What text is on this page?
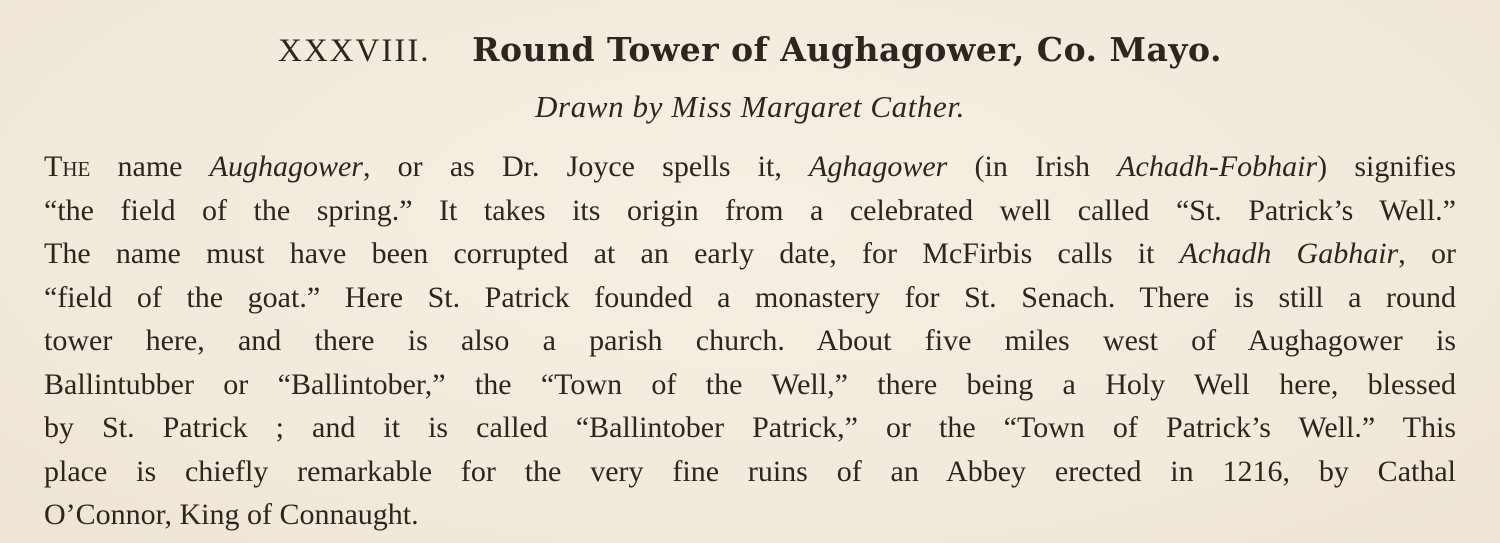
XXXVIII. Round Tower of Aughagower, Co. Mayo.
Drawn by Miss Margaret Cather.
The name Aughagower, or as Dr. Joyce spells it, Aghagower (in Irish Achadh-Fobhair) signifies
“the field of the spring.” It takes its origin from a celebrated well called “St. Patrick’s Well.”
The name must have been corrupted at an early date, for McFirbis calls it Achadh Gabhair, or
“field of the goat.” Here St. Patrick founded a monastery for St. Senach. There is still a round
tower here, and there is also a parish church. About five miles west of Aughagower is
Ballintubber or “Ballintober,” the “Town of the Well,” there being a Holy Well here, blessed
by St. Patrick ; and it is called “Ballintober Patrick,” or the “Town of Patrick’s Well.” This
place is chiefly remarkable for the very fine ruins of an Abbey erected in 1216, by Cathal
O’Connor, King of Connaught.
